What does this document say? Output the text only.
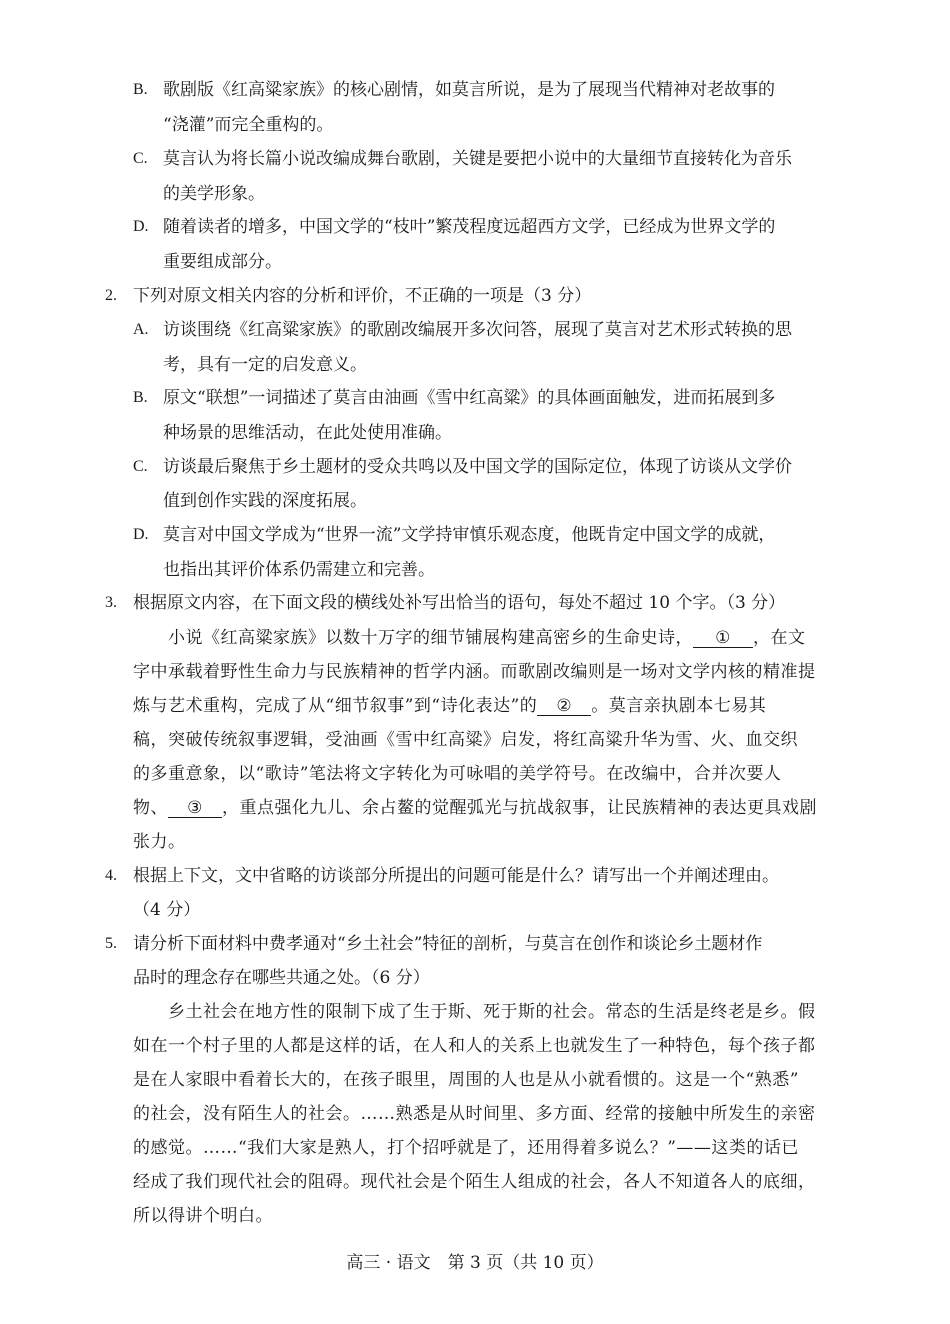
B. 歌剧版《红高粱家族》的核心剧情，如莫言所说，是为了展现当代精神对老故事的

“浇灌”而完全重构的。

C. 莫言认为将长篇小说改编成舞台歌剧，关键是要把小说中的大量细节直接转化为音乐

的美学形象。

D. 随着读者的增多，中国文学的“枝叶”繁茂程度远超西方文学，已经成为世界文学的

重要组成部分。

2. 下列对原文相关内容的分析和评价，不正确的一项是（3 分）

A. 访谈围绕《红高粱家族》的歌剧改编展开多次问答，展现了莫言对艺术形式转换的思

考，具有一定的启发意义。

B. 原文“联想”一词描述了莫言由油画《雪中红高粱》的具体画面触发，进而拓展到多

种场景的思维活动，在此处使用准确。

C. 访谈最后聚焦于乡土题材的受众共鸣以及中国文学的国际定位，体现了访谈从文学价

值到创作实践的深度拓展。

D. 莫言对中国文学成为“世界一流”文学持审慎乐观态度，他既肯定中国文学的成就，

也指出其评价体系仍需建立和完善。

3. 根据原文内容，在下面文段的横线处补写出恰当的语句，每处不超过 10 个字。（3 分）

小说《红高粱家族》以数十万字的细节铺展构建高密乡的生命史诗， ① ，在文

字中承载着野性生命力与民族精神的哲学内涵。而歌剧改编则是一场对文学内核的精准提

炼与艺术重构，完成了从“细节叙事”到“诗化表达”的 ② 。莫言亲执剧本七易其

稿，突破传统叙事逻辑，受油画《雪中红高粱》启发，将红高粱升华为雪、火、血交织

的多重意象，以“歌诗”笔法将文字转化为可咏唱的美学符号。在改编中，合并次要人

物、 ③ ，重点强化九儿、余占鳌的觉醒弧光与抗战叙事，让民族精神的表达更具戏剧

张力。

4. 根据上下文，文中省略的访谈部分所提出的问题可能是什么？请写出一个并阐述理由。

（4 分）

5. 请分析下面材料中费孝通对“乡土社会”特征的剖析，与莫言在创作和谈论乡土题材作

品时的理念存在哪些共通之处。（6 分）

乡土社会在地方性的限制下成了生于斯、死于斯的社会。常态的生活是终老是乡。假

如在一个村子里的人都是这样的话，在人和人的关系上也就发生了一种特色，每个孩子都

是在人家眼中看着长大的，在孩子眼里，周围的人也是从小就看惯的。这是一个“熟悉”

的社会，没有陌生人的社会。……熟悉是从时间里、多方面、经常的接触中所发生的亲密

的感觉。……“我们大家是熟人，打个招呼就是了，还用得着多说么？”——这类的话已

经成了我们现代社会的阻碍。现代社会是个陌生人组成的社会，各人不知道各人的底细，

所以得讲个明白。

高三 · 语文　第 3 页（共 10 页）
